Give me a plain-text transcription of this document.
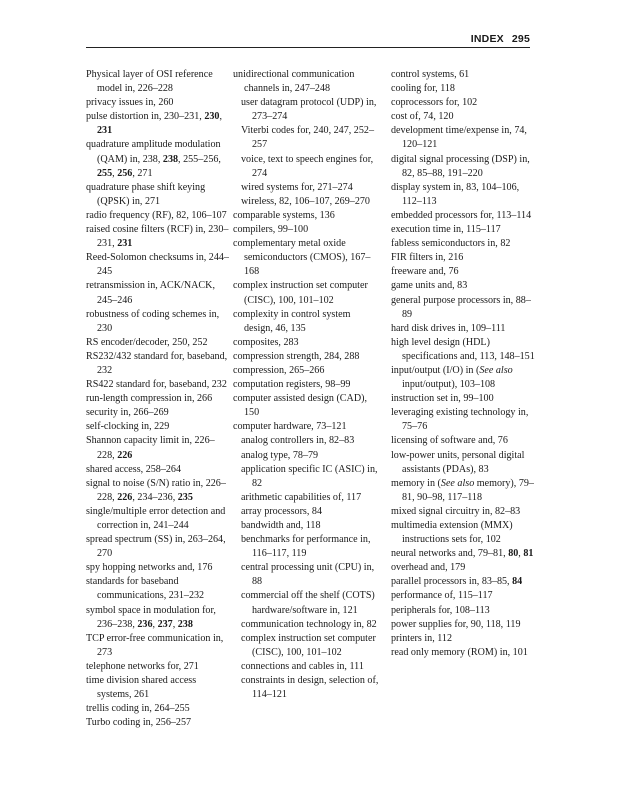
INDEX 295

Physical layer of OSI reference model in, 226–228

privacy issues in, 260

pulse distortion in, 230–231, 230, 231

quadrature amplitude modulation (QAM) in, 238, 238, 255–256, 255, 256, 271

quadrature phase shift keying (QPSK) in, 271

radio frequency (RF), 82, 106–107

raised cosine filters (RCF) in, 230–231, 231

Reed-Solomon checksums in, 244–245

retransmission in, ACK/NACK, 245–246

robustness of coding schemes in, 230

RS encoder/decoder, 250, 252

RS232/432 standard for, baseband, 232

RS422 standard for, baseband, 232

run-length compression in, 266

security in, 266–269

self-clocking in, 229

Shannon capacity limit in, 226–228, 226

shared access, 258–264

signal to noise (S/N) ratio in, 226–228, 226, 234–236, 235

single/multiple error detection and correction in, 241–244

spread spectrum (SS) in, 263–264, 270

spy hopping networks and, 176

standards for baseband communications, 231–232

symbol space in modulation for, 236–238, 236, 237, 238

TCP error-free communication in, 273

telephone networks for, 271

time division shared access systems, 261

trellis coding in, 264–255

Turbo coding in, 256–257

unidirectional communication channels in, 247–248

user datagram protocol (UDP) in, 273–274

Viterbi codes for, 240, 247, 252–257

voice, text to speech engines for, 274

wired systems for, 271–274

wireless, 82, 106–107, 269–270

comparable systems, 136

compilers, 99–100

complementary metal oxide semiconductors (CMOS), 167–168

complex instruction set computer (CISC), 100, 101–102

complexity in control system design, 46, 135

composites, 283

compression strength, 284, 288

compression, 265–266

computation registers, 98–99

computer assisted design (CAD), 150

computer hardware, 73–121

analog controllers in, 82–83

analog type, 78–79

application specific IC (ASIC) in, 82

arithmetic capabilities of, 117

array processors, 84

bandwidth and, 118

benchmarks for performance in, 116–117, 119

central processing unit (CPU) in, 88

commercial off the shelf (COTS) hardware/software in, 121

communication technology in, 82

complex instruction set computer (CISC), 100, 101–102

connections and cables in, 111

constraints in design, selection of, 114–121

control systems, 61

cooling for, 118

coprocessors for, 102

cost of, 74, 120

development time/expense in, 74, 120–121

digital signal processing (DSP) in, 82, 85–88, 191–220

display system in, 83, 104–106, 112–113

embedded processors for, 113–114

execution time in, 115–117

fabless semiconductors in, 82

FIR filters in, 216

freeware and, 76

game units and, 83

general purpose processors in, 88–89

hard disk drives in, 109–111

high level design (HDL) specifications and, 113, 148–151

input/output (I/O) in (See also input/output), 103–108

instruction set in, 99–100

leveraging existing technology in, 75–76

licensing of software and, 76

low-power units, personal digital assistants (PDAs), 83

memory in (See also memory), 79–81, 90–98, 117–118

mixed signal circuitry in, 82–83

multimedia extension (MMX) instructions sets for, 102

neural networks and, 79–81, 80, 81

overhead and, 179

parallel processors in, 83–85, 84

performance of, 115–117

peripherals for, 108–113

power supplies for, 90, 118, 119

printers in, 112

read only memory (ROM) in, 101
